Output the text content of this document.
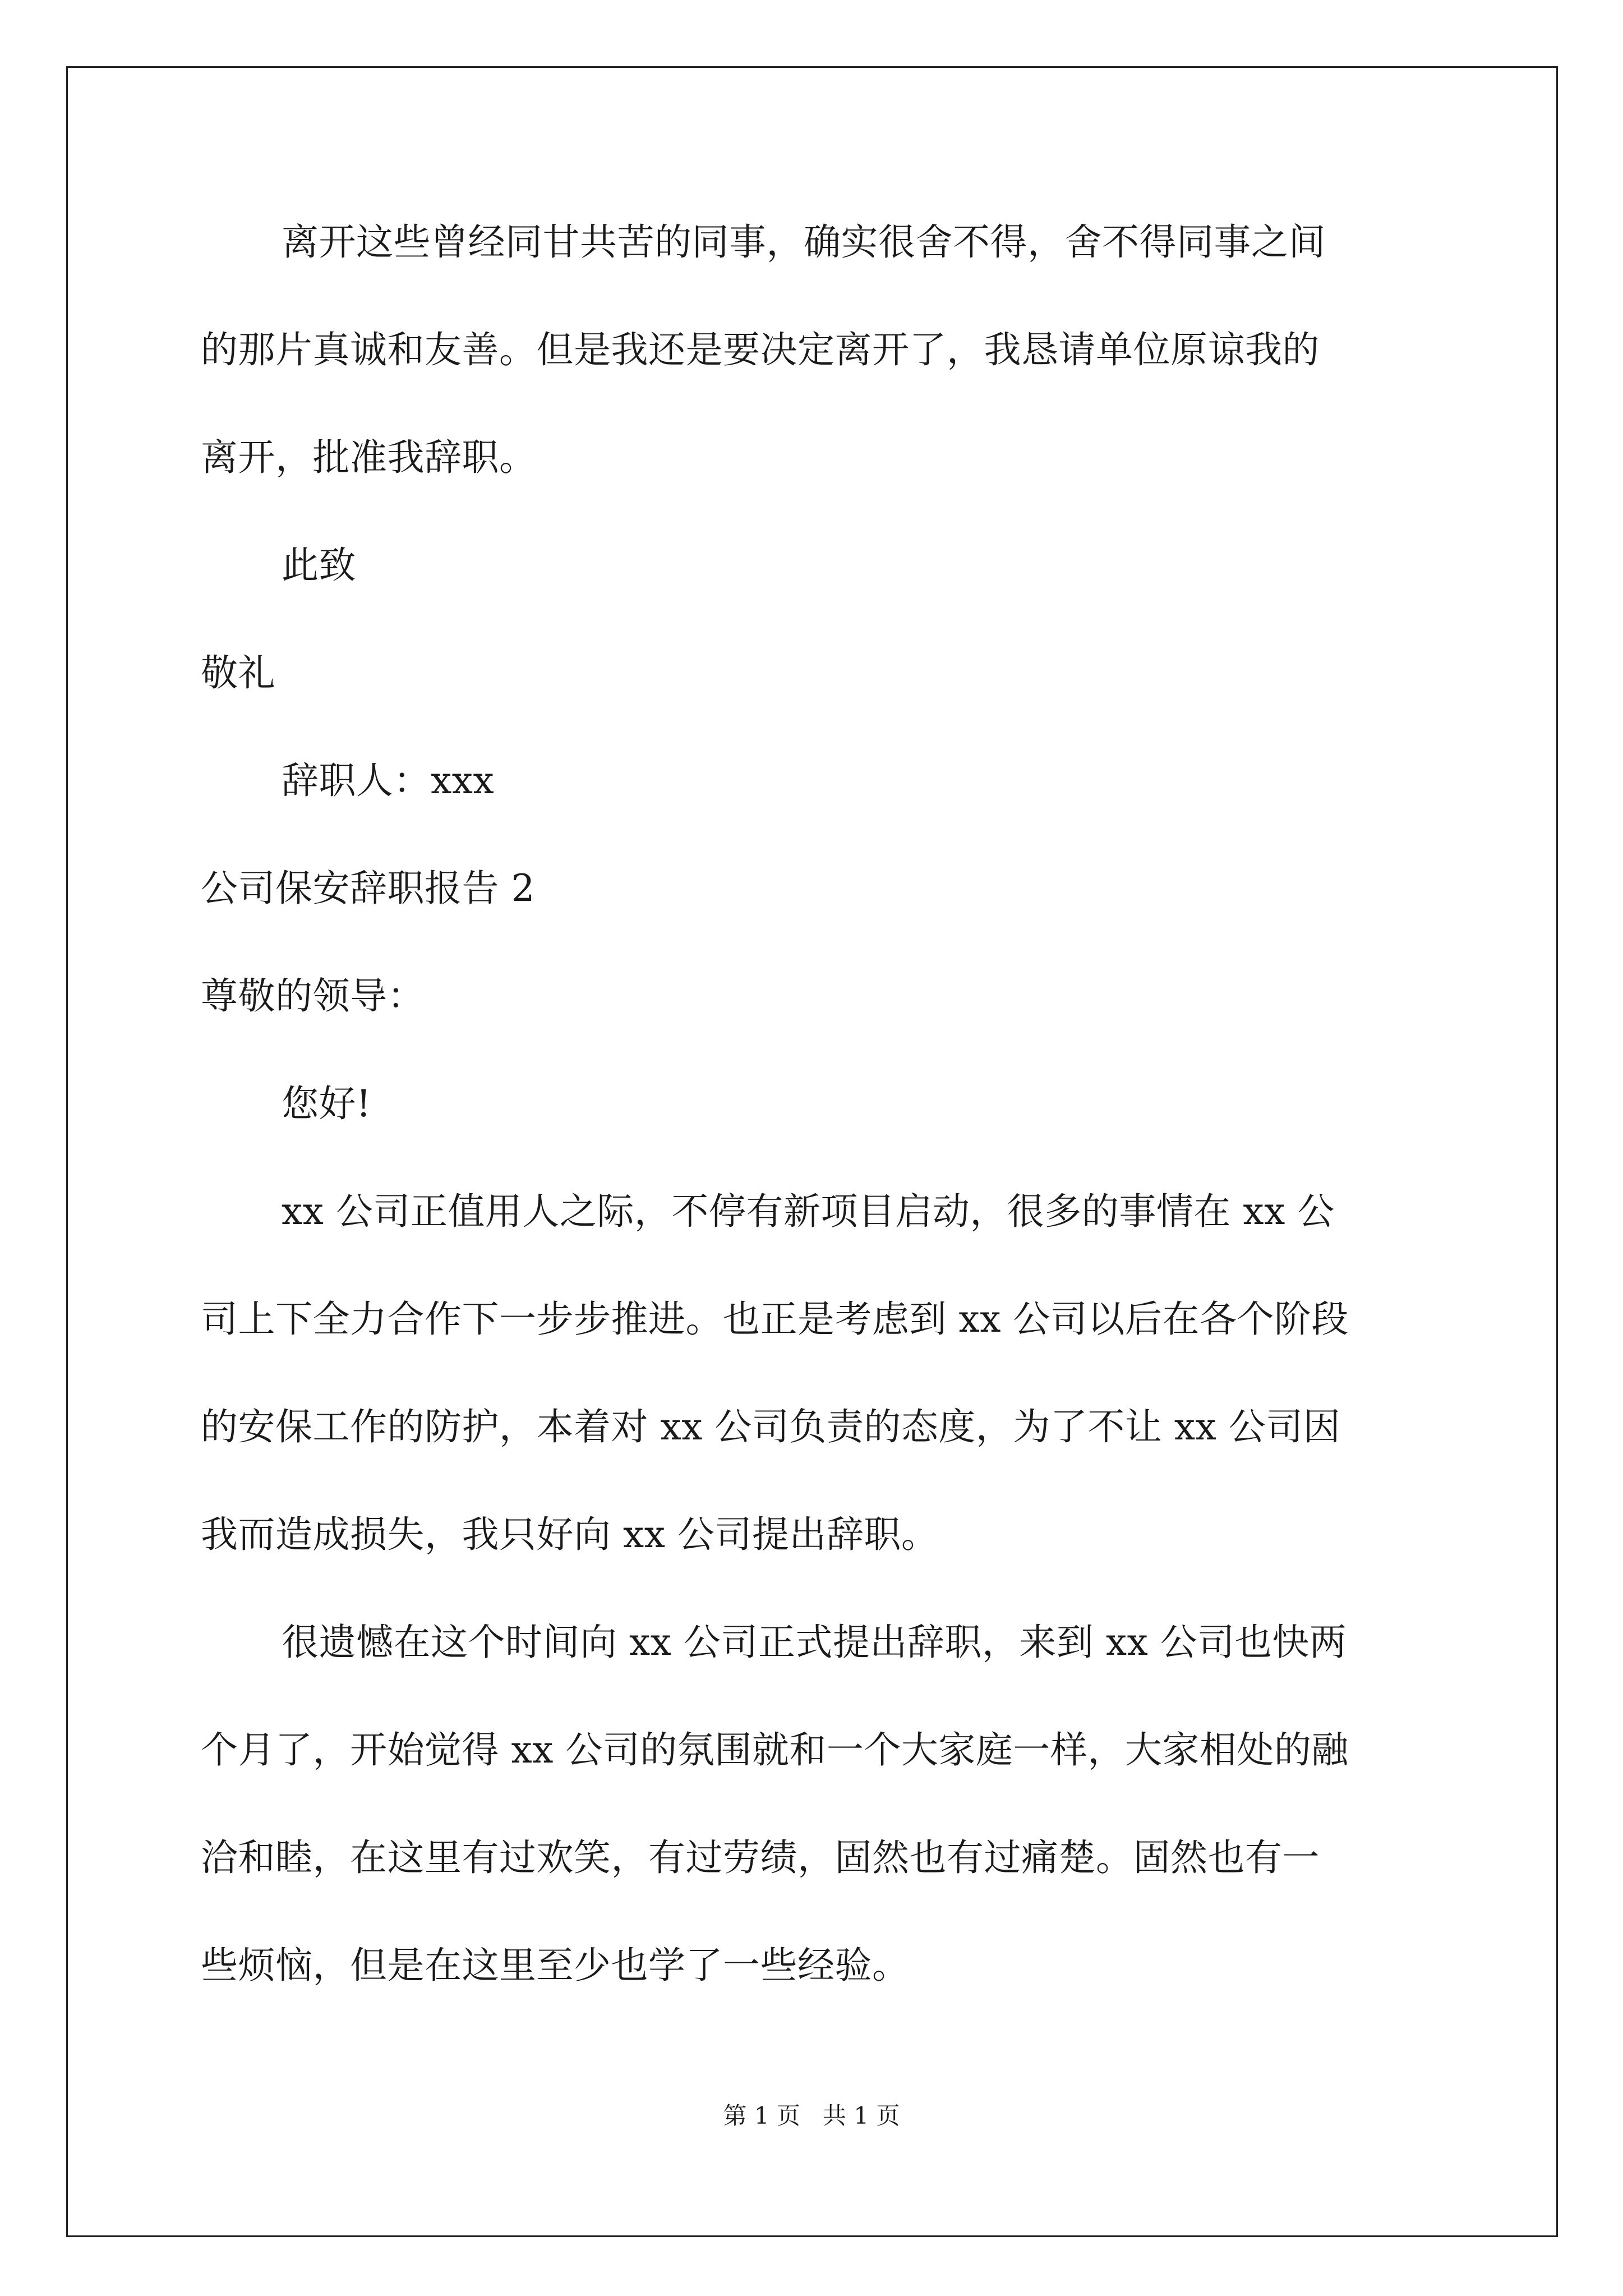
离开这些曾经同甘共苦的同事，确实很舍不得，舍不得同事之间
的那片真诚和友善。但是我还是要决定离开了，我恳请单位原谅我的
离开，批准我辞职。
此致
敬礼
辞职人：xxx
公司保安辞职报告 2
尊敬的领导：
您好!
xx 公司正值用人之际，不停有新项目启动，很多的事情在 xx 公
司上下全力合作下一步步推进。也正是考虑到 xx 公司以后在各个阶段
的安保工作的防护，本着对 xx 公司负责的态度，为了不让 xx 公司因
我而造成损失，我只好向 xx 公司提出辞职。
很遗憾在这个时间向 xx 公司正式提出辞职，来到 xx 公司也快两
个月了，开始觉得 xx 公司的氛围就和一个大家庭一样，大家相处的融
洽和睦，在这里有过欢笑，有过劳绩，固然也有过痛楚。固然也有一
些烦恼，但是在这里至少也学了一些经验。
第 1 页   共 1 页
